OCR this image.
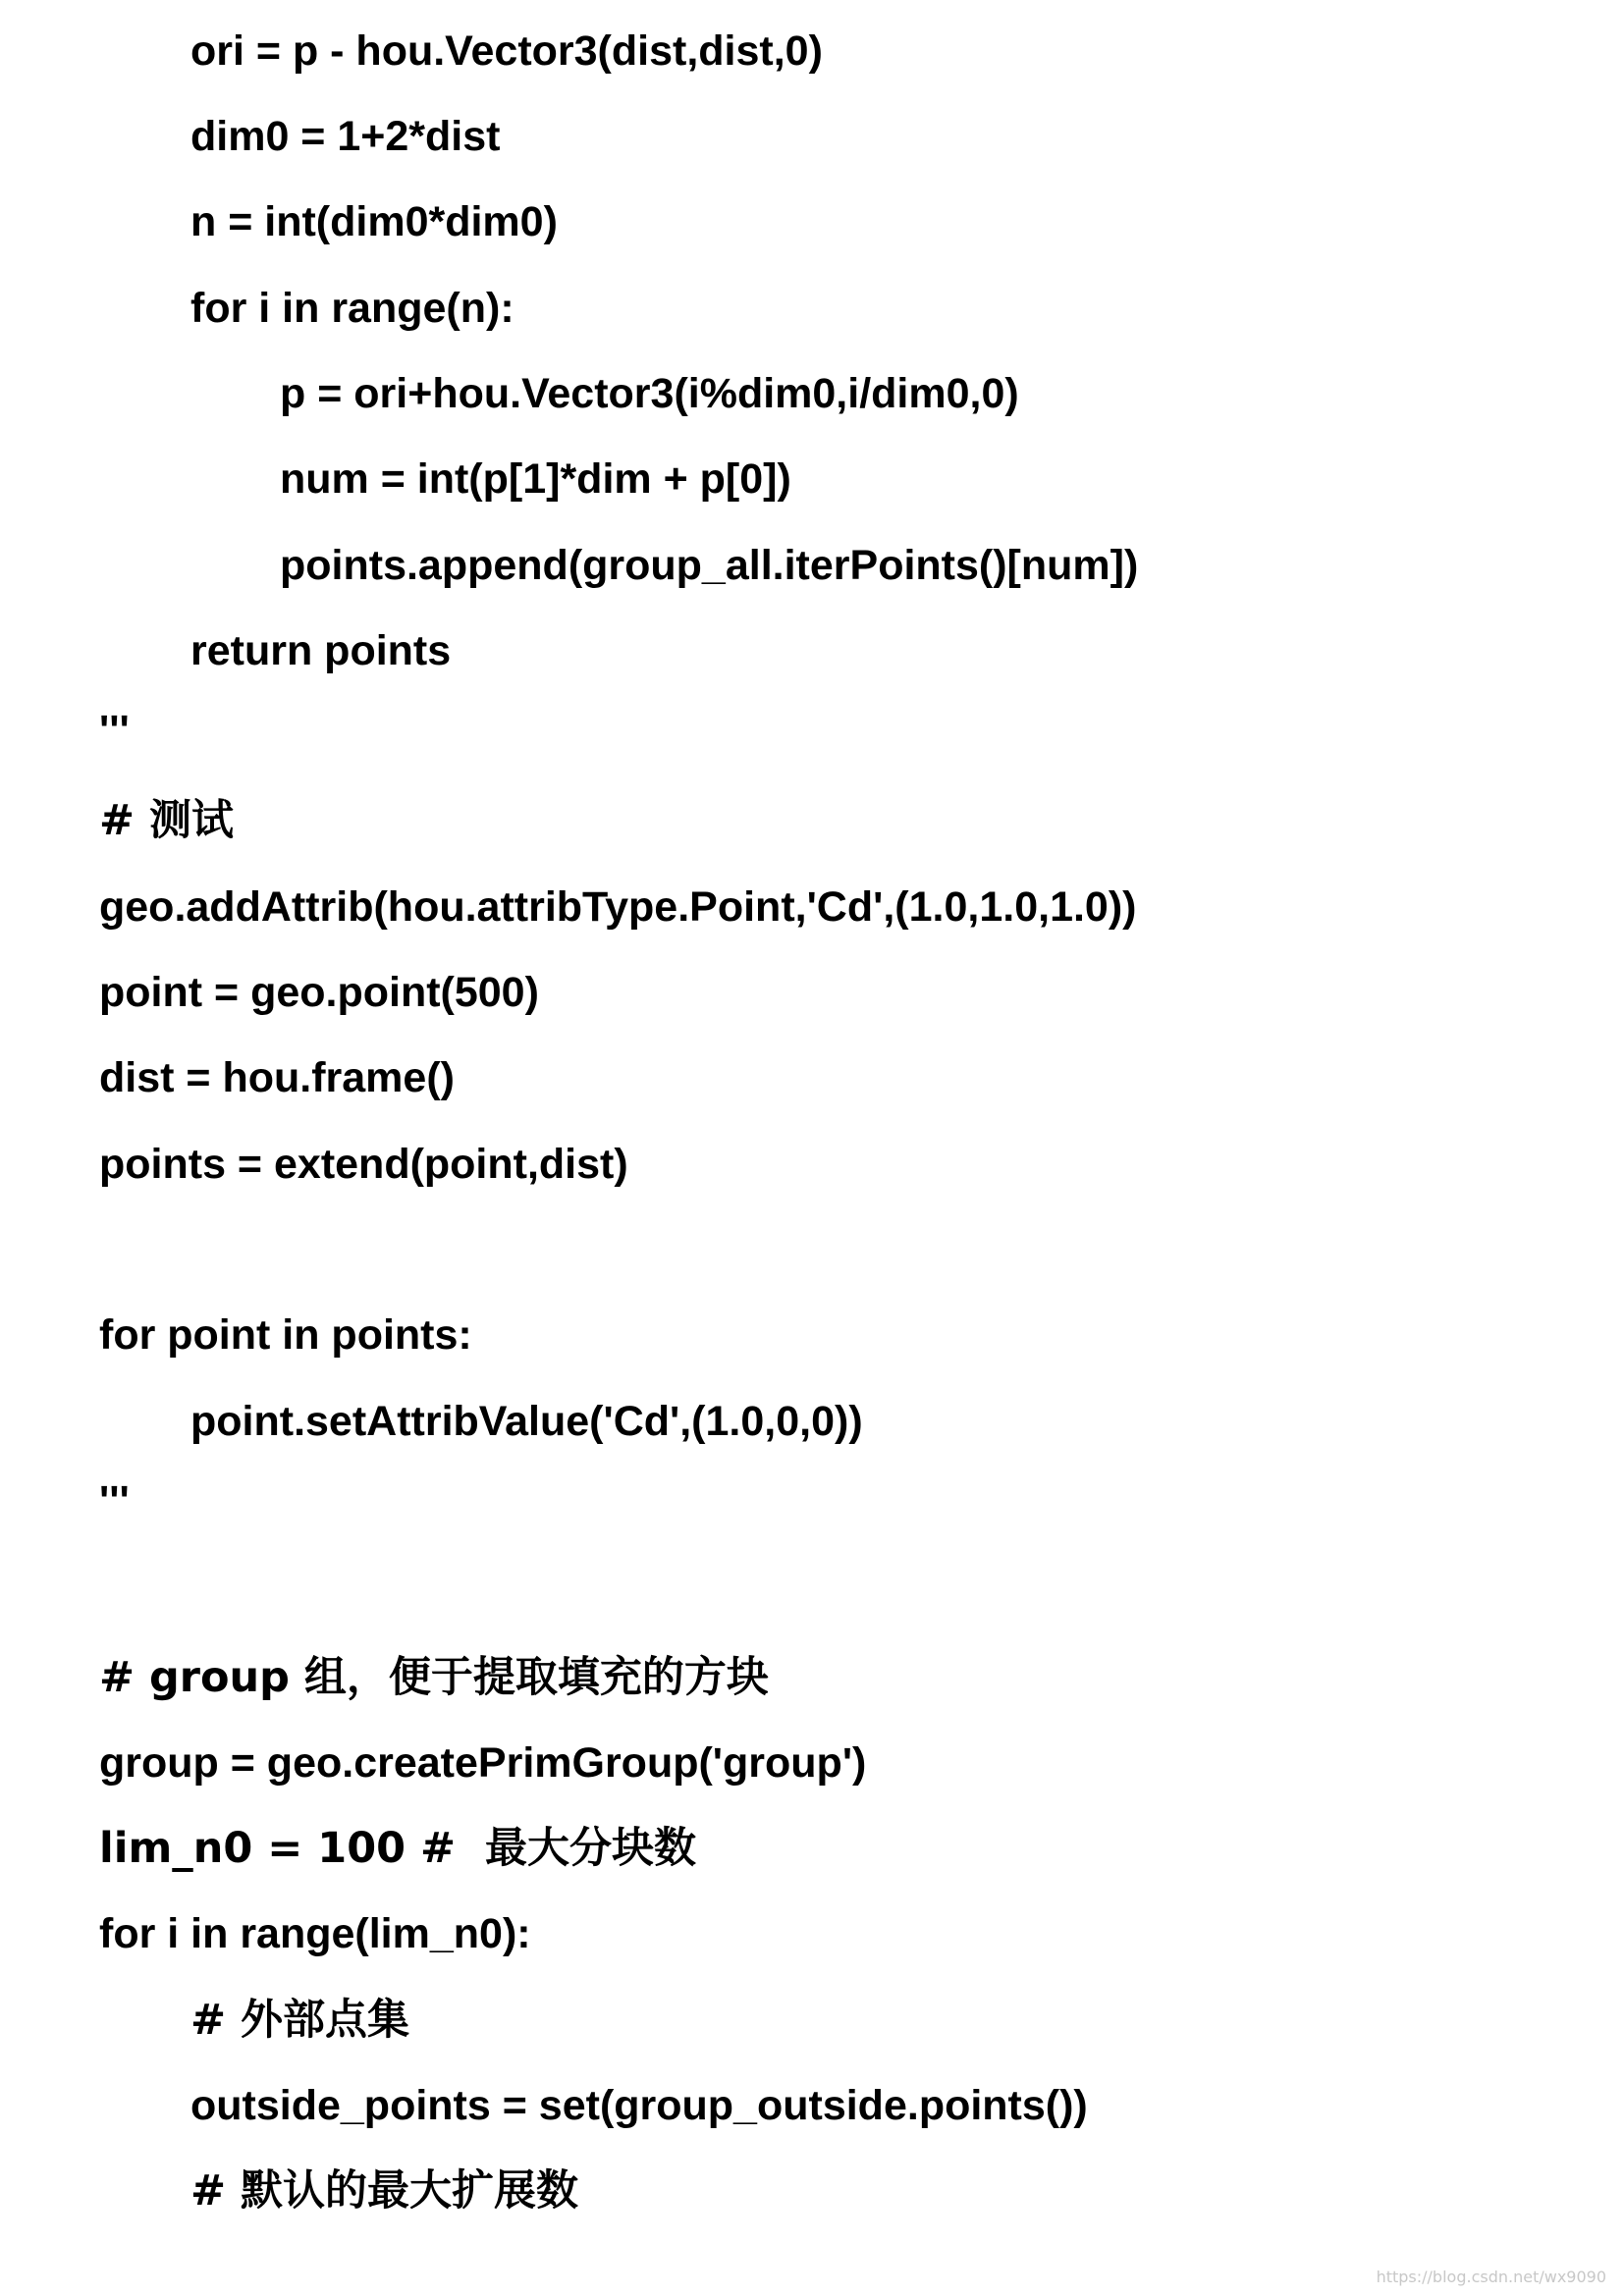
ori = p - hou.Vector3(dist,dist,0)
dim0 = 1+2*dist
n = int(dim0*dim0)
for i in range(n):
p = ori+hou.Vector3(i%dim0,i/dim0,0)
num = int(p[1]*dim + p[0])
points.append(group_all.iterPoints()[num])
return points
'''
# 测试
geo.addAttrib(hou.attribType.Point,'Cd',(1.0,1.0,1.0))
point = geo.point(500)
dist = hou.frame()
points = extend(point,dist)
for point in points:
point.setAttribValue('Cd',(1.0,0,0))
'''
# group 组，便于提取填充的方块
group = geo.createPrimGroup('group')
lim_n0 = 100 #  最大分块数
for i in range(lim_n0):
# 外部点集
outside_points = set(group_outside.points())
# 默认的最大扩展数
https://blog.csdn.net/wx9090
